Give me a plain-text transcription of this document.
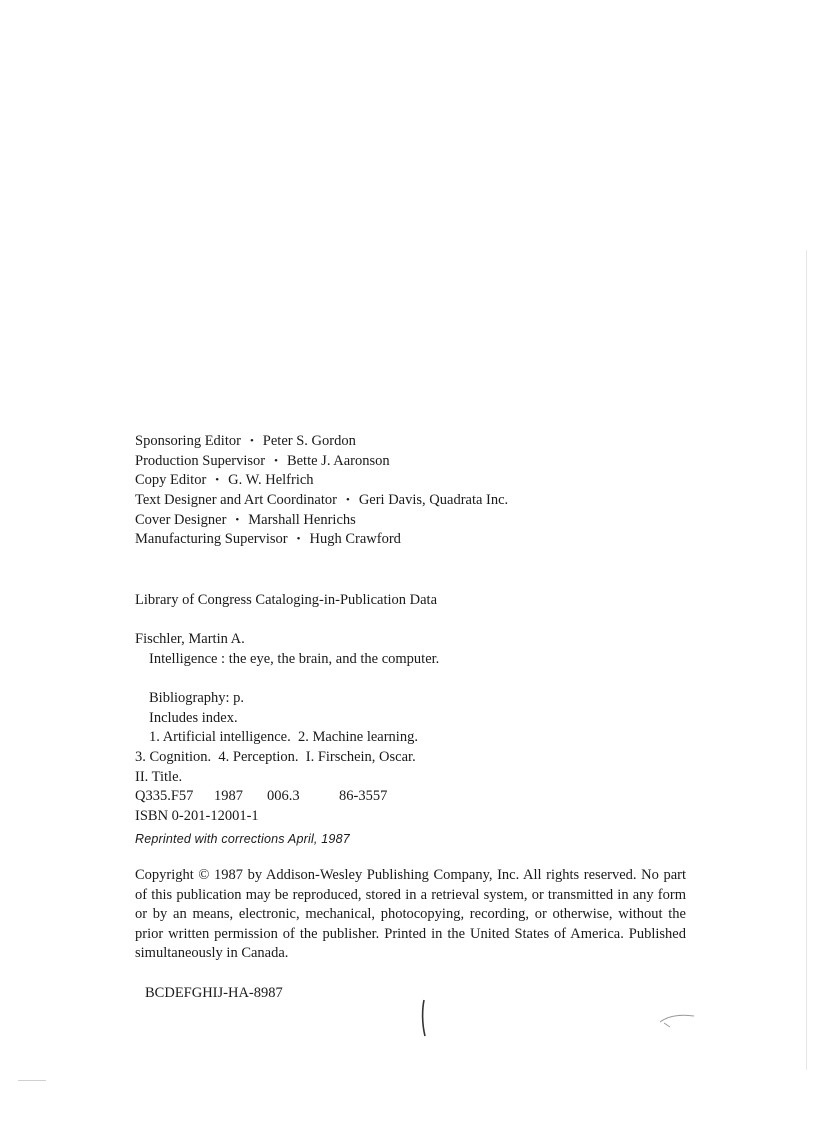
Sponsoring Editor • Peter S. Gordon
Production Supervisor • Bette J. Aaronson
Copy Editor • G. W. Helfrich
Text Designer and Art Coordinator • Geri Davis, Quadrata Inc.
Cover Designer • Marshall Henrichs
Manufacturing Supervisor • Hugh Crawford
Library of Congress Cataloging-in-Publication Data
Fischler, Martin A.
Intelligence : the eye, the brain, and the computer.
Bibliography: p.
Includes index.
1. Artificial intelligence.  2. Machine learning.
3. Cognition.  4. Perception.  I. Firschein, Oscar.
II. Title.
Q335.F57 1987 006.3	86-3557
ISBN 0-201-12001-1
Reprinted with corrections April, 1987
Copyright © 1987 by Addison-Wesley Publishing Company, Inc. All rights reserved. No part of this publication may be reproduced, stored in a retrieval system, or transmitted in any form or by an means, electronic, mechanical, photocopying, recording, or otherwise, without the prior written permission of the publisher. Printed in the United States of America. Published simultaneously in Canada.
BCDEFGHIJ-HA-8987
